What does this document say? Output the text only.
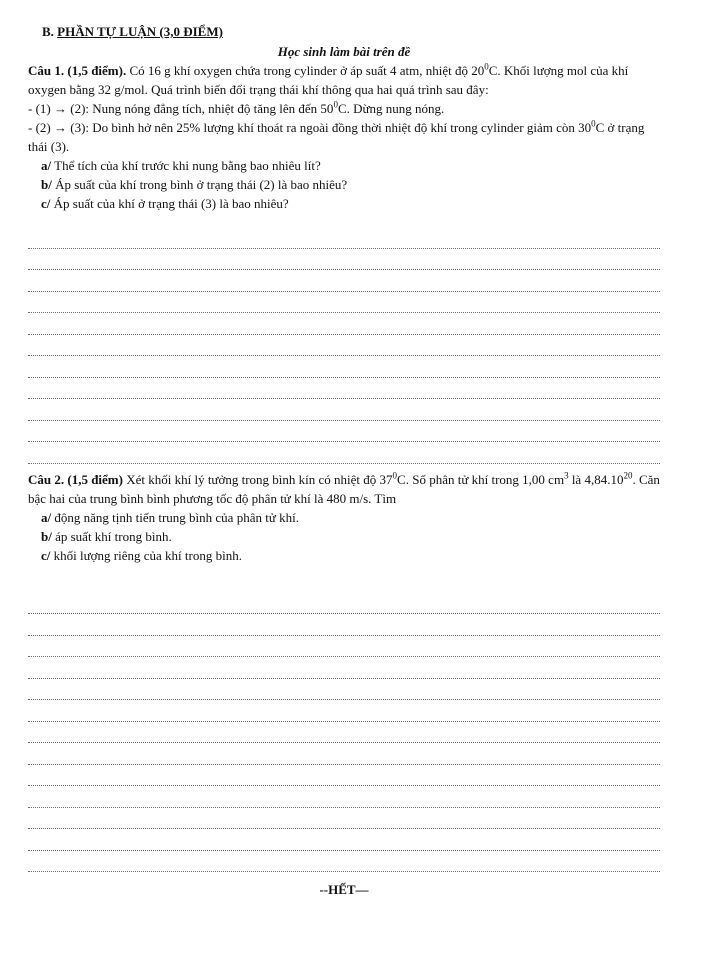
B. PHẦN TỰ LUẬN (3,0 ĐIỂM)
Học sinh làm bài trên đề

Câu 1. (1,5 điểm). Có 16 g khí oxygen chứa trong cylinder ở áp suất 4 atm, nhiệt độ $20^0C$. Khối lượng mol của khí oxygen bằng 32 g/mol. Quá trình biến đổi trạng thái khí thông qua hai quá trình sau đây:

- (1) → (2): Nung nóng đẳng tích, nhiệt độ tăng lên đến $50^0C$. Dừng nung nóng.

- (2) → (3): Do bình hở nên 25% lượng khí thoát ra ngoài đồng thời nhiệt độ khí trong cylinder giảm còn $30^0C$ ở trạng thái (3).

a/ Thể tích của khí trước khi nung bằng bao nhiêu lít?

b/ Áp suất của khí trong bình ở trạng thái (2) là bao nhiêu?

c/ Áp suất của khí ở trạng thái (3) là bao nhiêu?

Câu 2. (1,5 điểm) Xét khối khí lý tưởng trong bình kín có nhiệt độ $37^0C$. Số phân tử khí trong 1,00 $cm^3$ là 4,84.10$^{20}$. Căn bậc hai của trung bình bình phương tốc độ phân tử khí là 480 m/s. Tìm

a/ động năng tịnh tiến trung bình của phân tử khí.

b/ áp suất khí trong bình.

c/ khối lượng riêng của khí trong bình.

--HẾT—
